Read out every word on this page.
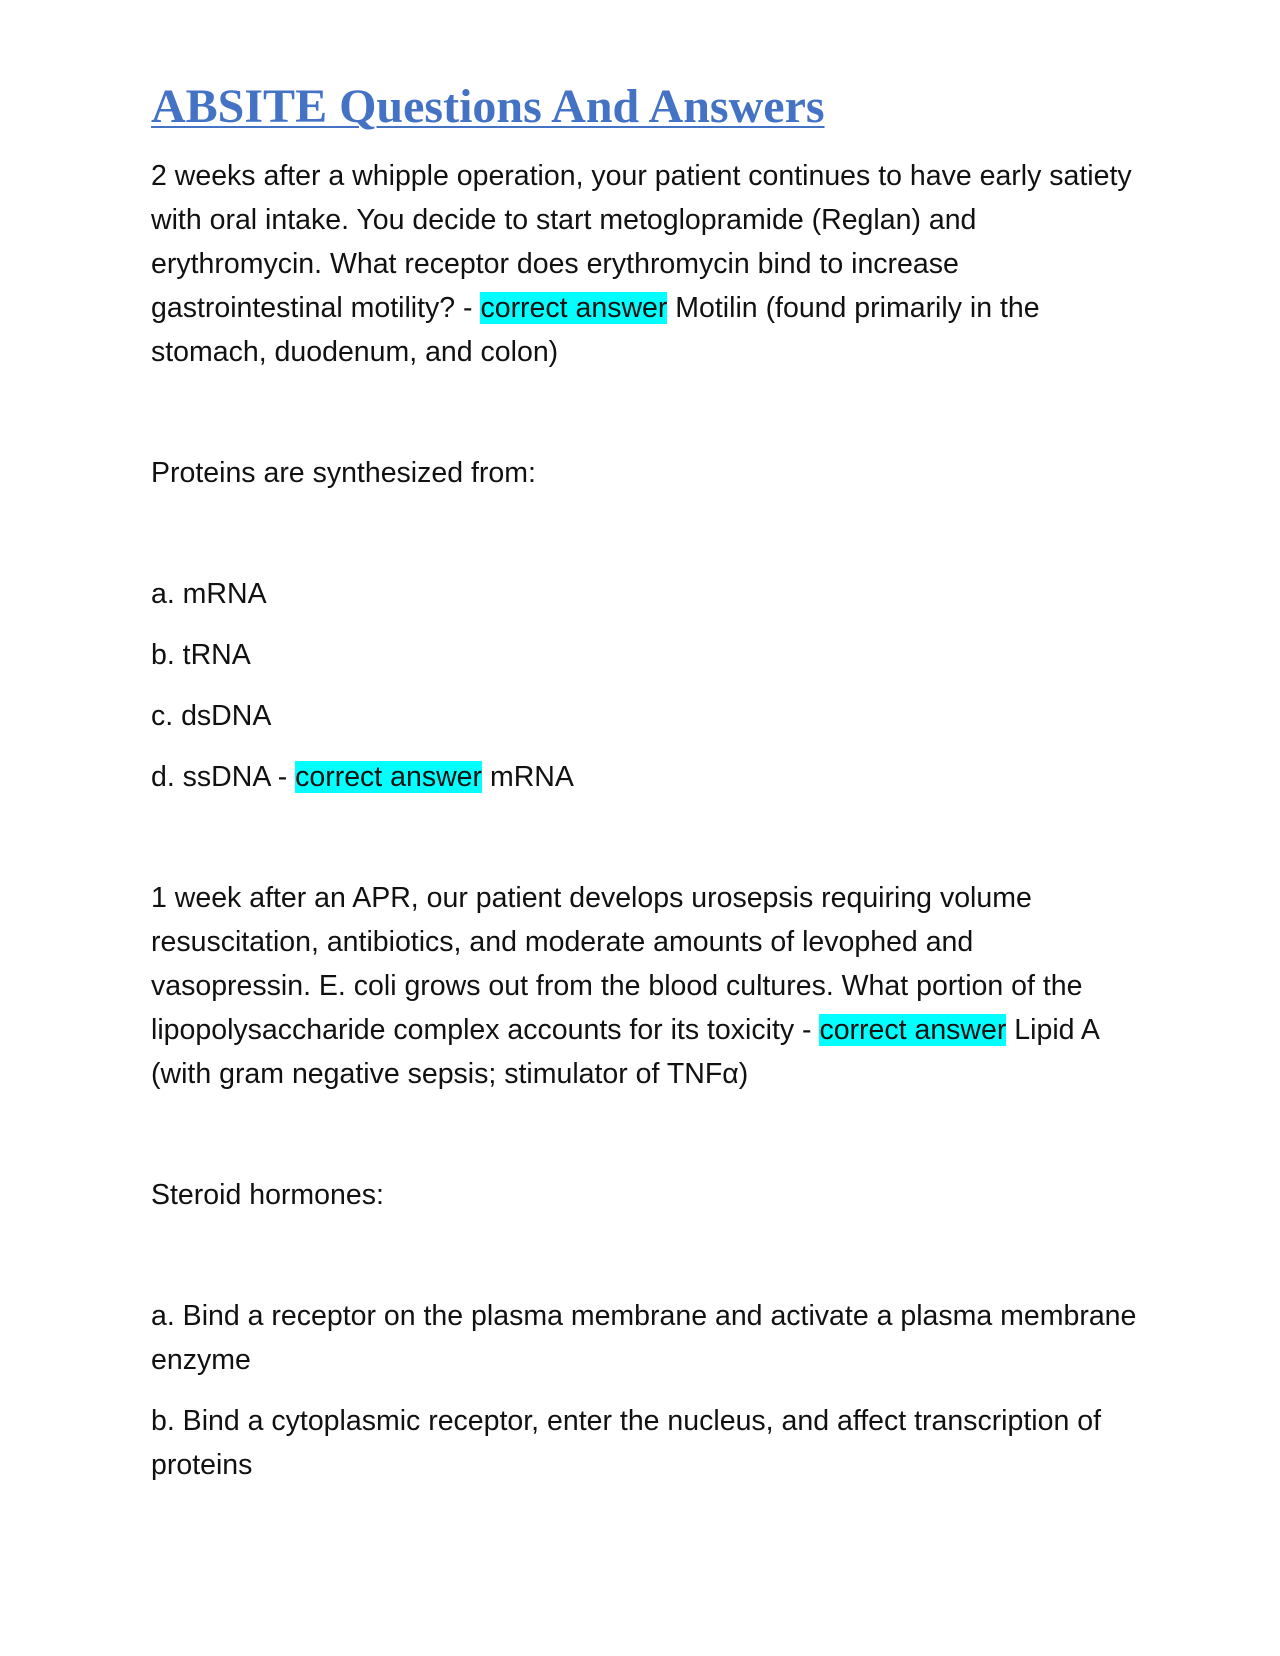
ABSITE Questions And Answers

2 weeks after a whipple operation, your patient continues to have early satiety with oral intake. You decide to start metoglopramide (Reglan) and erythromycin. What receptor does erythromycin bind to increase gastrointestinal motility? - correct answer Motilin (found primarily in the stomach, duodenum, and colon)

Proteins are synthesized from:

a. mRNA

b. tRNA

c. dsDNA

d. ssDNA - correct answer mRNA

1 week after an APR, our patient develops urosepsis requiring volume resuscitation, antibiotics, and moderate amounts of levophed and vasopressin. E. coli grows out from the blood cultures. What portion of the lipopolysaccharide complex accounts for its toxicity - correct answer Lipid A (with gram negative sepsis; stimulator of TNFα)

Steroid hormones:

a. Bind a receptor on the plasma membrane and activate a plasma membrane enzyme

b. Bind a cytoplasmic receptor, enter the nucleus, and affect transcription of proteins
